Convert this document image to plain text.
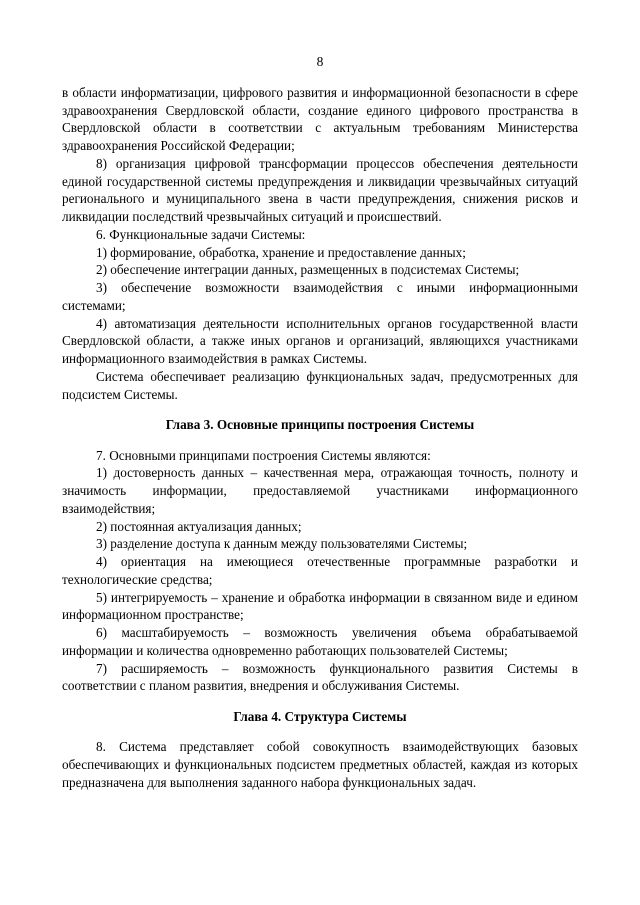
8

в области информатизации, цифрового развития и информационной безопасности в сфере здравоохранения Свердловской области, создание единого цифрового пространства в Свердловской области в соответствии с актуальным требованиям Министерства здравоохранения Российской Федерации;

8) организация цифровой трансформации процессов обеспечения деятельности единой государственной системы предупреждения и ликвидации чрезвычайных ситуаций регионального и муниципального звена в части предупреждения, снижения рисков и ликвидации последствий чрезвычайных ситуаций и происшествий.

6. Функциональные задачи Системы:

1) формирование, обработка, хранение и предоставление данных;

2) обеспечение интеграции данных, размещенных в подсистемах Системы;

3) обеспечение возможности взаимодействия с иными информационными системами;

4) автоматизация деятельности исполнительных органов государственной власти Свердловской области, а также иных органов и организаций, являющихся участниками информационного взаимодействия в рамках Системы.

Система обеспечивает реализацию функциональных задач, предусмотренных для подсистем Системы.

Глава 3. Основные принципы построения Системы

7. Основными принципами построения Системы являются:

1) достоверность данных – качественная мера, отражающая точность, полноту и значимость информации, предоставляемой участниками информационного взаимодействия;

2) постоянная актуализация данных;

3) разделение доступа к данным между пользователями Системы;

4) ориентация на имеющиеся отечественные программные разработки и технологические средства;

5) интегрируемость – хранение и обработка информации в связанном виде и едином информационном пространстве;

6) масштабируемость – возможность увеличения объема обрабатываемой информации и количества одновременно работающих пользователей Системы;

7) расширяемость – возможность функционального развития Системы в соответствии с планом развития, внедрения и обслуживания Системы.

Глава 4. Структура Системы

8. Система представляет собой совокупность взаимодействующих базовых обеспечивающих и функциональных подсистем предметных областей, каждая из которых предназначена для выполнения заданного набора функциональных задач.
